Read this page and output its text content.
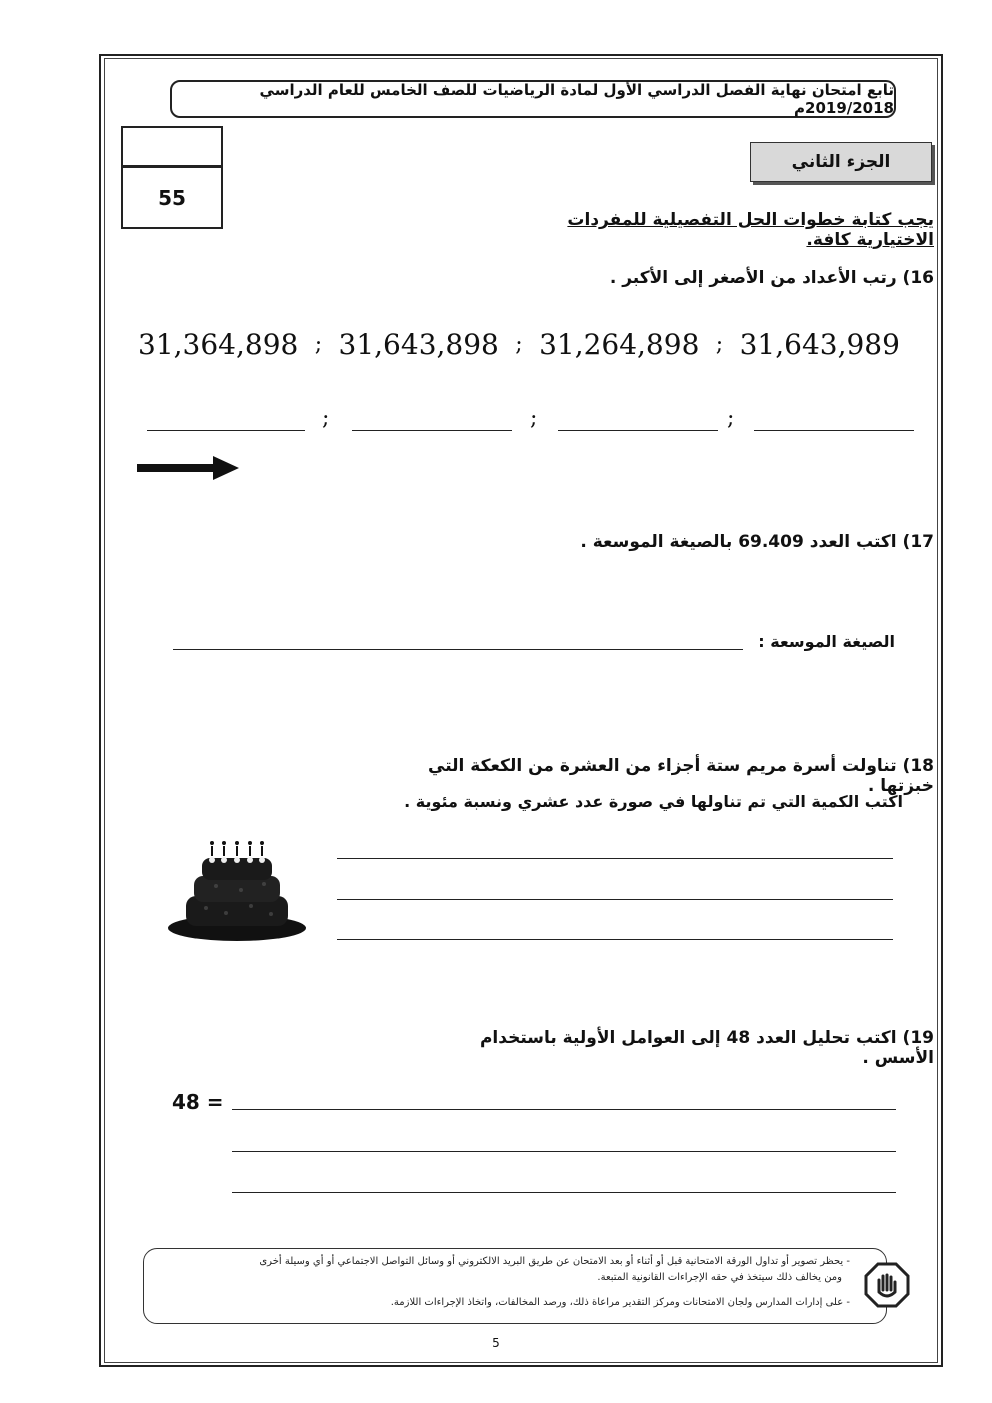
تابع امتحان نهاية الفصل الدراسي الأول لمادة الرياضيات للصف الخامس للعام الدراسي 2019/2018م
55
الجزء الثاني
يجب كتابة خطوات الحل التفصيلية للمفردات الاختيارية كافة.
16) رتب الأعداد من الأصغر إلى الأكبر .
31,364,898 ; 31,643,898 ; 31,264,898 ; 31,643,989
;	;	;
17) اكتب العدد 69.409 بالصيغة الموسعة .
الصيغة الموسعة :
18) تناولت أسرة مريم ستة أجزاء من العشرة من الكعكة التي خبزتها .
اكتب الكمية التي تم تناولها في صورة عدد عشري ونسبة مئوية .
19) اكتب تحليل العدد 48 إلى العوامل الأولية باستخدام الأسس .
48 =
- يحظر تصوير أو تداول الورقة الامتحانية قبل أو أثناء أو بعد الامتحان عن طريق البريد الالكتروني أو وسائل التواصل الاجتماعي أو أي وسيلة أخرى
ومن يخالف ذلك سيتخذ في حقه الإجراءات القانونية المتبعة.
- على إدارات المدارس ولجان الامتحانات ومركز التقدير مراعاة ذلك، ورصد المخالفات، واتخاذ الإجراءات اللازمة.
5
